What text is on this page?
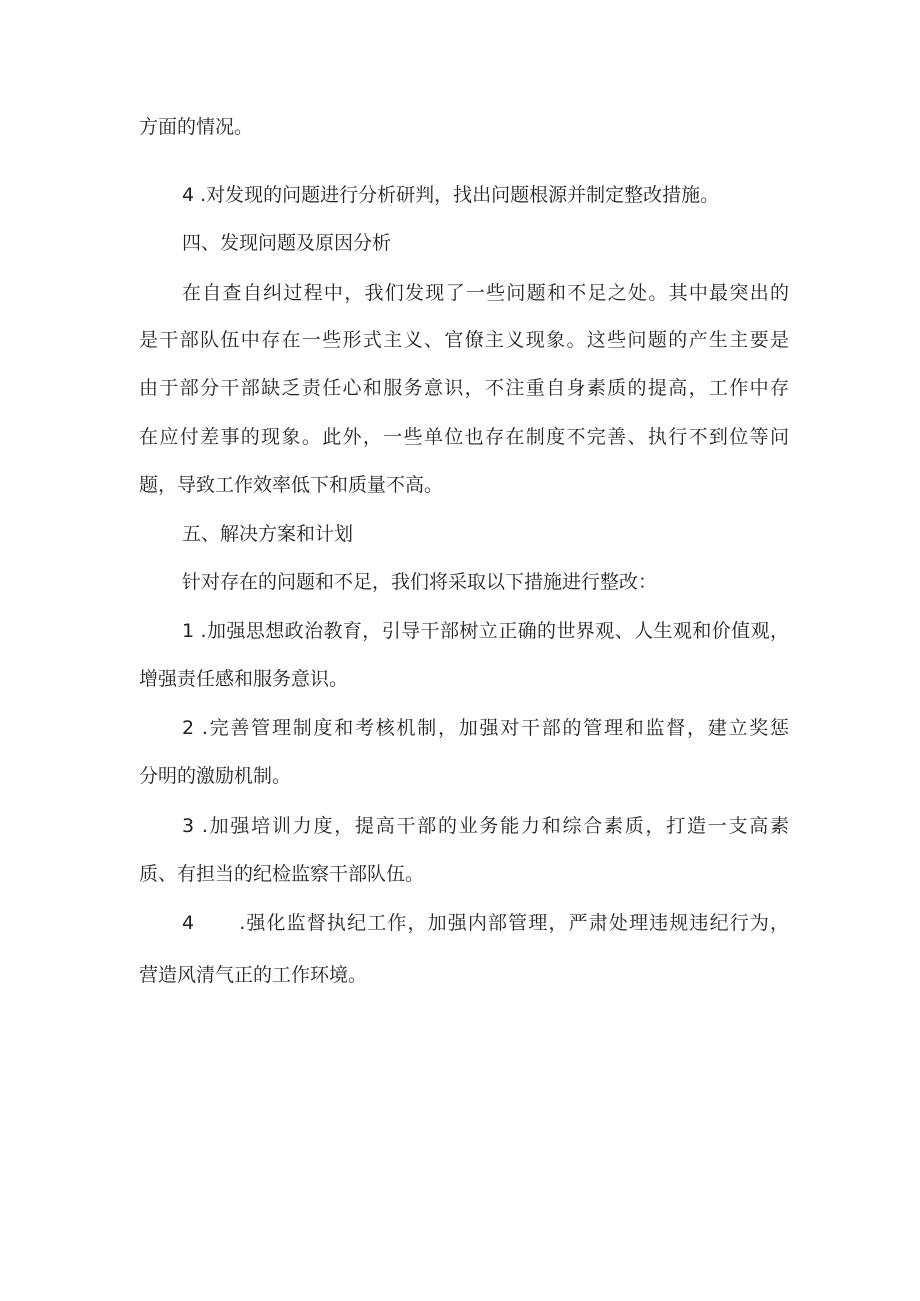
方面的情况。

4 .对发现的问题进行分析研判，找出问题根源并制定整改措施。

四、发现问题及原因分析

在自查自纠过程中，我们发现了一些问题和不足之处。其中最突出的

是干部队伍中存在一些形式主义、官僚主义现象。这些问题的产生主要是

由于部分干部缺乏责任心和服务意识，不注重自身素质的提高，工作中存

在应付差事的现象。此外，一些单位也存在制度不完善、执行不到位等问

题，导致工作效率低下和质量不高。

五、解决方案和计划

针对存在的问题和不足，我们将采取以下措施进行整改：

1 .加强思想政治教育，引导干部树立正确的世界观、人生观和价值观，

增强责任感和服务意识。

2 .完善管理制度和考核机制，加强对干部的管理和监督，建立奖惩

分明的激励机制。

3 .加强培训力度，提高干部的业务能力和综合素质，打造一支高素

质、有担当的纪检监察干部队伍。

4 .强化监督执纪工作，加强内部管理，严肃处理违规违纪行为，

营造风清气正的工作环境。
